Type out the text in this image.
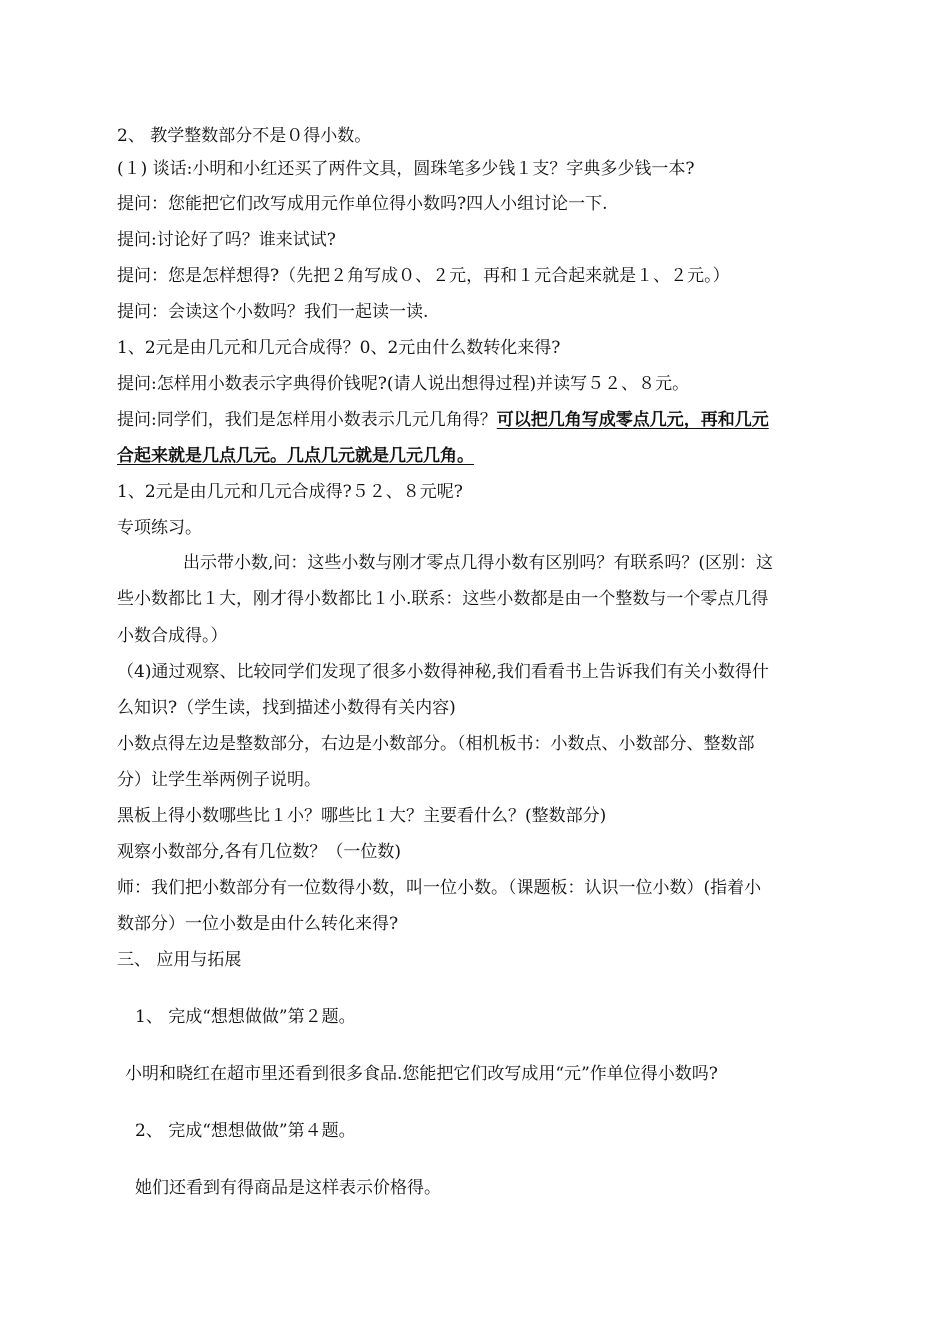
2、 教学整数部分不是０得小数。
(１) 谈话:小明和小红还买了两件文具，圆珠笔多少钱１支？字典多少钱一本?
提问：您能把它们改写成用元作单位得小数吗?四人小组讨论一下.
提问:讨论好了吗？谁来试试?
提问：您是怎样想得?（先把２角写成０、２元，再和１元合起来就是１、２元。）
提问：会读这个小数吗？我们一起读一读.
1、2元是由几元和几元合成得？0、2元由什么数转化来得?
提问:怎样用小数表示字典得价钱呢?(请人说出想得过程)并读写５２、８元。
提问:同学们，我们是怎样用小数表示几元几角得？可以把几角写成零点几元，再和几元
合起来就是几点几元。几点几元就是几元几角。
1、2元是由几元和几元合成得?５２、８元呢?
专项练习。
出示带小数,问：这些小数与刚才零点几得小数有区别吗？有联系吗？(区别：这
些小数都比１大，刚才得小数都比１小.联系：这些小数都是由一个整数与一个零点几得
小数合成得。）
（4)通过观察、比较同学们发现了很多小数得神秘,我们看看书上告诉我们有关小数得什
么知识?（学生读，找到描述小数得有关内容)
小数点得左边是整数部分，右边是小数部分。（相机板书：小数点、小数部分、整数部
分）让学生举两例子说明。
黑板上得小数哪些比１小？哪些比１大？主要看什么？(整数部分)
观察小数部分,各有几位数？（一位数)
师：我们把小数部分有一位数得小数，叫一位小数。（课题板：认识一位小数）(指着小
数部分）一位小数是由什么转化来得?
三、 应用与拓展
1、 完成“想想做做”第２题。
小明和晓红在超市里还看到很多食品.您能把它们改写成用“元”作单位得小数吗?
2、 完成“想想做做”第４题。
她们还看到有得商品是这样表示价格得。
